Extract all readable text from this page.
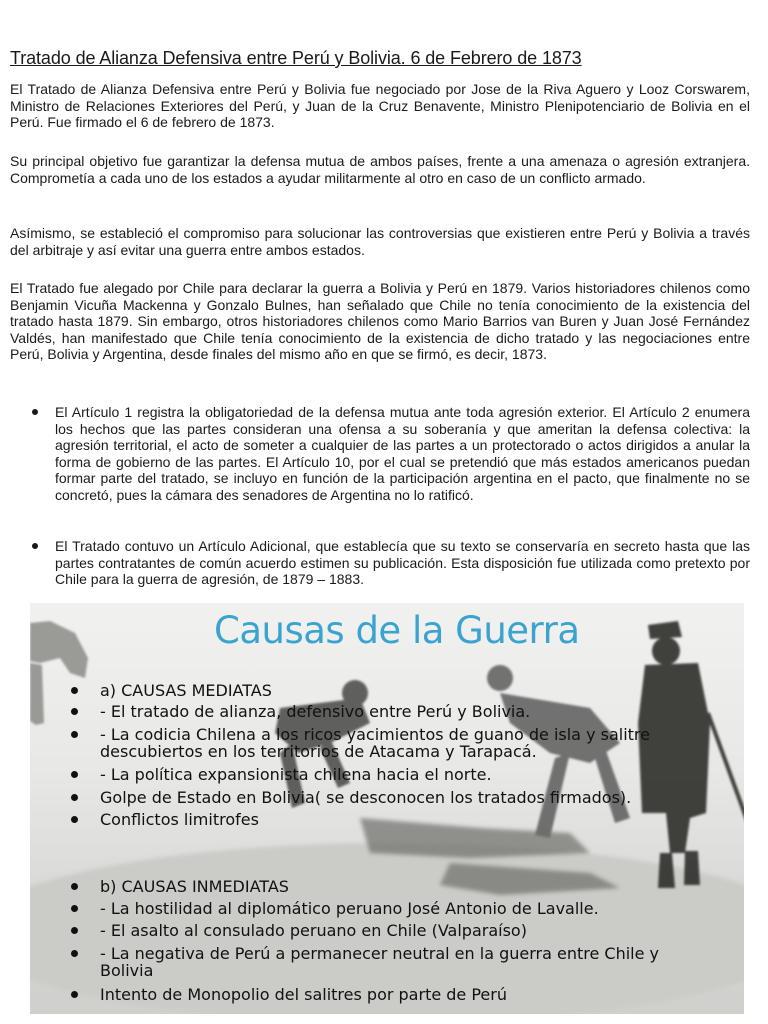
Tratado de Alianza Defensiva entre Perú y Bolivia. 6 de Febrero de 1873

El Tratado de Alianza Defensiva entre Perú y Bolivia fue negociado por Jose de la Riva Aguero y Looz Corswarem, Ministro de Relaciones Exteriores del Perú, y Juan de la Cruz Benavente, Ministro Plenipotenciario de Bolivia en el Perú. Fue firmado el 6 de febrero de 1873.

Su principal objetivo fue garantizar la defensa mutua de ambos países, frente a una amenaza o agresión extranjera. Comprometía a cada uno de los estados a ayudar militarmente al otro en caso de un conflicto armado.

Asímismo, se estableció el compromiso para solucionar las controversias que existieren entre Perú y Bolivia a través del arbitraje y así evitar una guerra entre ambos estados.

El Tratado fue alegado por Chile para declarar la guerra a Bolivia y Perú en 1879. Varios historiadores chilenos como Benjamin Vicuña Mackenna y Gonzalo Bulnes, han señalado que Chile no tenía conocimiento de la existencia del tratado hasta 1879. Sin embargo, otros historiadores chilenos como Mario Barrios van Buren y Juan José Fernández Valdés, han manifestado que Chile tenía conocimiento de la existencia de dicho tratado y las negociaciones entre Perú, Bolivia y Argentina, desde finales del mismo año en que se firmó, es decir, 1873.

El Artículo 1 registra la obligatoriedad de la defensa mutua ante toda agresión exterior. El Artículo 2 enumera los hechos que las partes consideran una ofensa a su soberanía y que ameritan la defensa colectiva: la agresión territorial, el acto de someter a cualquier de las partes a un protectorado o actos dirigidos a anular la forma de gobierno de las partes. El Artículo 10, por el cual se pretendió que más estados americanos puedan formar parte del tratado, se incluyo en función de la participación argentina en el pacto, que finalmente no se concretó, pues la cámara des senadores de Argentina no lo ratificó.
El Tratado contuvo un Artículo Adicional, que establecía que su texto se conservaría en secreto hasta que las partes contratantes de común acuerdo estimen su publicación. Esta disposición fue utilizada como pretexto por Chile para la guerra de agresión, de 1879 – 1883.
Causas de la Guerra
a) CAUSAS MEDIATAS
- El tratado de alianza, defensivo entre Perú y Bolivia.
- La codicia Chilena a los ricos yacimientos de guano de isla y salitre descubiertos en los territorios de Atacama y Tarapacá.
- La política expansionista chilena hacia el norte.
Golpe de Estado en Bolivia( se desconocen los tratados firmados).
Conflictos limitrofes
b) CAUSAS INMEDIATAS
- La hostilidad al diplomático peruano José Antonio de Lavalle.
- El asalto al consulado peruano en Chile (Valparaíso)
- La negativa de Perú a permanecer neutral en la guerra entre Chile y Bolivia
Intento de Monopolio del salitres por parte de Perú
